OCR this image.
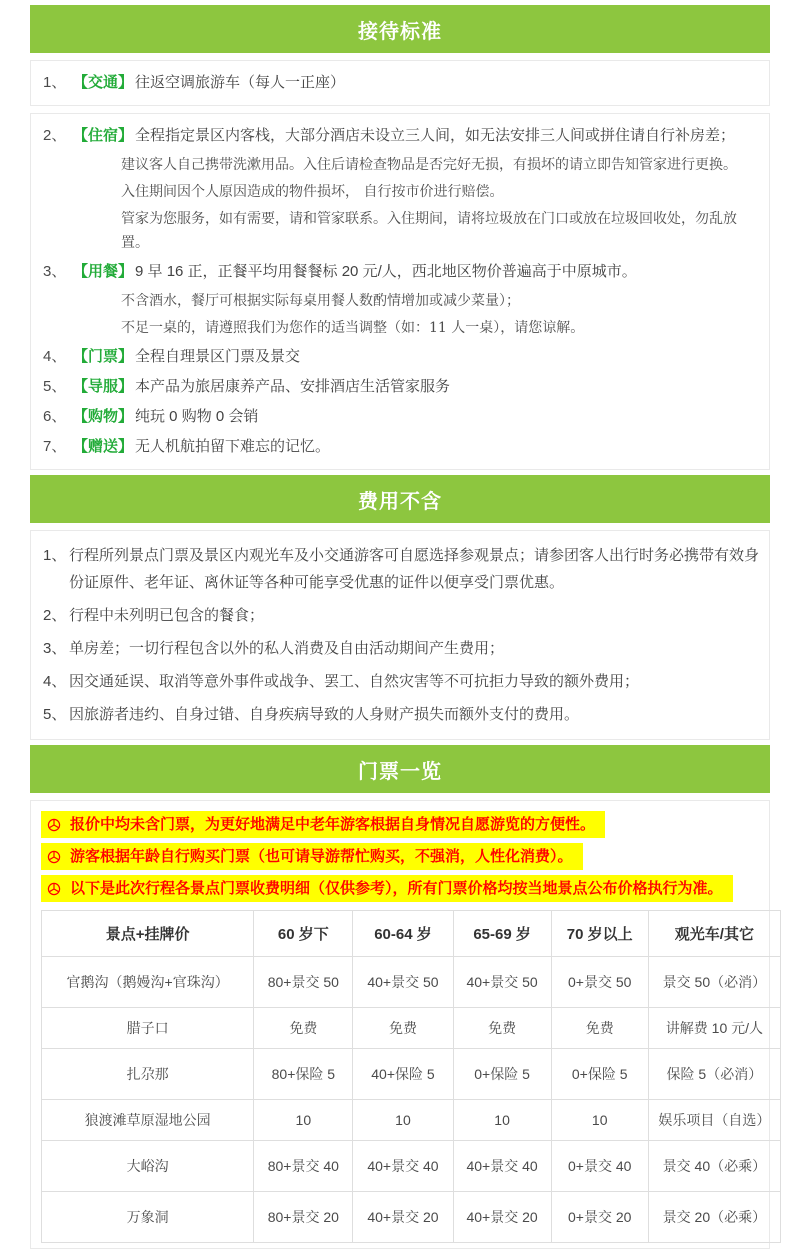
接待标准
1、 【交通】 往返空调旅游车（每人一正座）
2、 【住宿】 全程指定景区内客栈，大部分酒店未设立三人间，如无法安排三人间或拼住请自行补房差；
建议客人自己携带洗漱用品。入住后请检查物品是否完好无损，有损坏的请立即告知管家进行更换。
入住期间因个人原因造成的物件损坏， 自行按市价进行赔偿。
管家为您服务，如有需要，请和管家联系。入住期间，请将垃圾放在门口或放在垃圾回收处，勿乱放置。
3、 【用餐】 9 早 16 正，正餐平均用餐餐标 20 元/人，西北地区物价普遍高于中原城市。
不含酒水，餐厅可根据实际每桌用餐人数酌情增加或减少菜量）；
不足一桌的，请遵照我们为您作的适当调整（如：11 人一桌），请您谅解。
4、 【门票】 全程自理景区门票及景交
5、 【导服】 本产品为旅居康养产品、安排酒店生活管家服务
6、 【购物】 纯玩 0 购物 0 会销
7、 【赠送】 无人机航拍留下难忘的记忆。
费用不含
1、 行程所列景点门票及景区内观光车及小交通游客可自愿选择参观景点；请参团客人出行时务必携带有效身份证原件、老年证、离休证等各种可能享受优惠的证件以便享受门票优惠。
2、 行程中未列明已包含的餐食；
3、 单房差；一切行程包含以外的私人消费及自由活动期间产生费用；
4、 因交通延误、取消等意外事件或战争、罢工、自然灾害等不可抗拒力导致的额外费用；
5、 因旅游者违约、自身过错、自身疾病导致的人身财产损失而额外支付的费用。
门票一览
报价中均未含门票，为更好地满足中老年游客根据自身情况自愿游览的方便性。
游客根据年龄自行购买门票（也可请导游帮忙购买，不强消，人性化消费）。
以下是此次行程各景点门票收费明细（仅供参考），所有门票价格均按当地景点公布价格执行为准。
景点+挂牌价	60 岁下	60-64 岁	65-69 岁	70 岁以上	观光车/其它
官鹅沟（鹅嫚沟+官珠沟）	80+景交 50	40+景交 50	40+景交 50	0+景交 50	景交 50（必消）
腊子口	免费	免费	免费	免费	讲解费 10 元/人
扎尕那	80+保险 5	40+保险 5	0+保险 5	0+保险 5	保险 5（必消）
狼渡滩草原湿地公园	10	10	10	10	娱乐项目（自选）
大峪沟	80+景交 40	40+景交 40	40+景交 40	0+景交 40	景交 40（必乘）
万象洞	80+景交 20	40+景交 20	40+景交 20	0+景交 20	景交 20（必乘）
